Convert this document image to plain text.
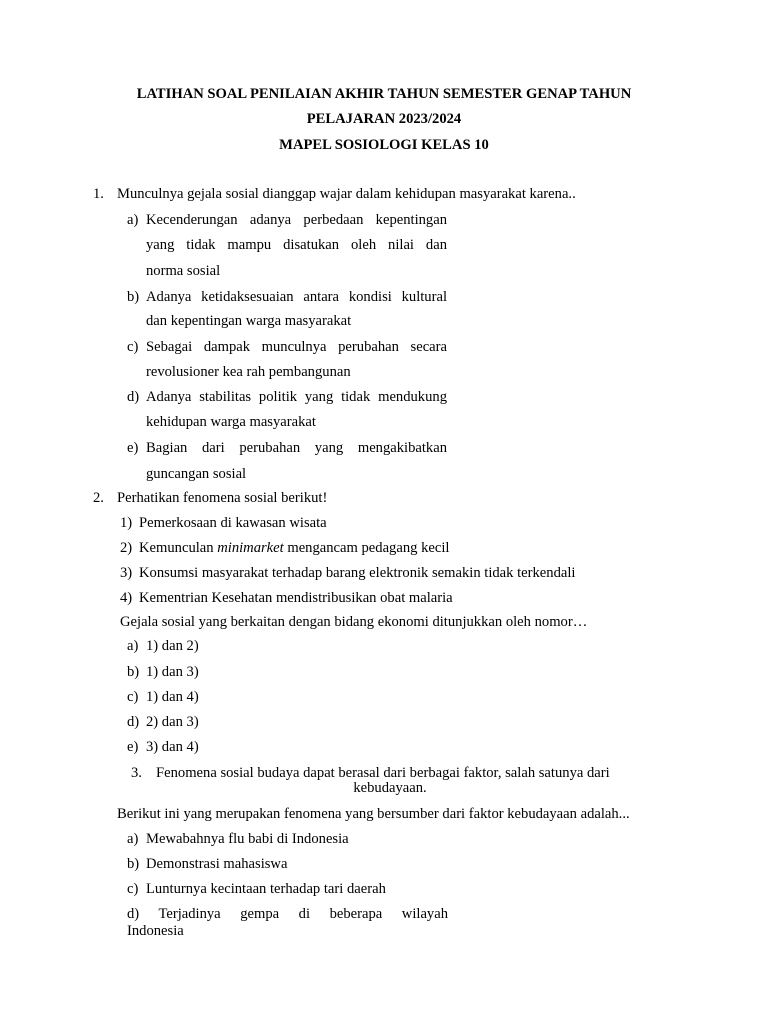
LATIHAN SOAL PENILAIAN AKHIR TAHUN SEMESTER GENAP TAHUN
PELAJARAN 2023/2024
MAPEL SOSIOLOGI KELAS 10
1. Munculnya gejala sosial dianggap wajar dalam kehidupan masyarakat karena..
a) Kecenderungan adanya perbedaan kepentingan
yang tidak mampu disatukan oleh nilai dan
norma sosial
b) Adanya ketidaksesuaian antara kondisi kultural
dan kepentingan warga masyarakat
c) Sebagai dampak munculnya perubahan secara
revolusioner kea rah pembangunan
d) Adanya stabilitas politik yang tidak mendukung
kehidupan warga masyarakat
e) Bagian dari perubahan yang mengakibatkan
guncangan sosial
2. Perhatikan fenomena sosial berikut!
1) Pemerkosaan di kawasan wisata
2) Kemunculan minimarket mengancam pedagang kecil
3) Konsumsi masyarakat terhadap barang elektronik semakin tidak terkendali
4) Kementrian Kesehatan mendistribusikan obat malaria
Gejala sosial yang berkaitan dengan bidang ekonomi ditunjukkan oleh nomor…
a) 1) dan 2)
b) 1) dan 3)
c) 1) dan 4)
d) 2) dan 3)
e) 3) dan 4)
3. Fenomena sosial budaya dapat berasal dari berbagai faktor, salah satunya dari
kebudayaan.
Berikut ini yang merupakan fenomena yang bersumber dari faktor kebudayaan adalah...
a) Mewabahnya flu babi di Indonesia
b) Demonstrasi mahasiswa
c) Lunturnya kecintaan terhadap tari daerah
d) Terjadinya gempa di beberapa wilayah
Indonesia
